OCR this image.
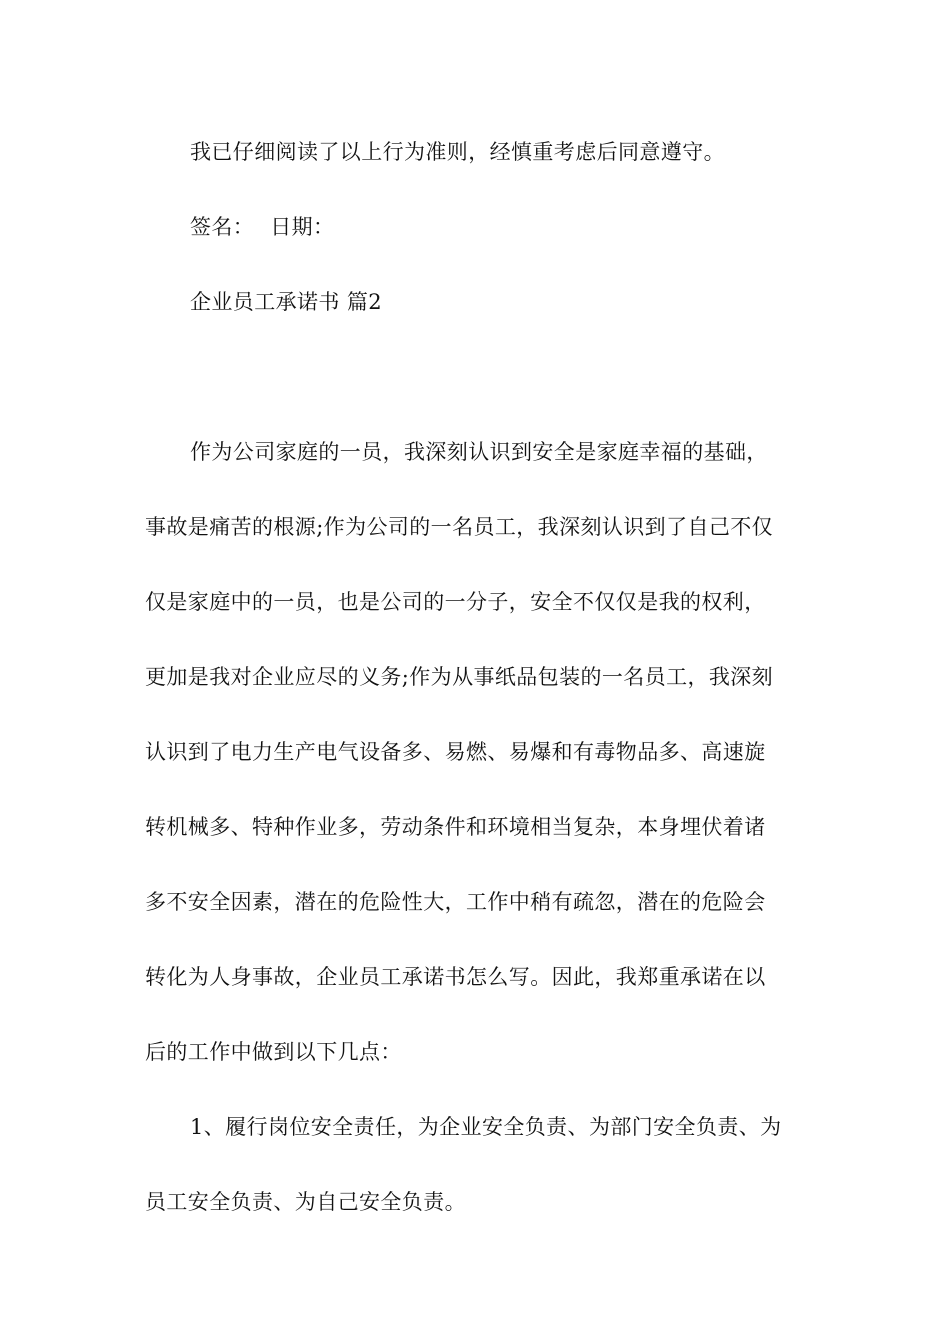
我已仔细阅读了以上行为准则，经慎重考虑后同意遵守。
签名： 日期：
企业员工承诺书 篇2
作为公司家庭的一员，我深刻认识到安全是家庭幸福的基础，
事故是痛苦的根源;作为公司的一名员工，我深刻认识到了自己不仅
仅是家庭中的一员，也是公司的一分子，安全不仅仅是我的权利，
更加是我对企业应尽的义务;作为从事纸品包装的一名员工，我深刻
认识到了电力生产电气设备多、易燃、易爆和有毒物品多、高速旋
转机械多、特种作业多，劳动条件和环境相当复杂，本身埋伏着诸
多不安全因素，潜在的危险性大，工作中稍有疏忽，潜在的危险会
转化为人身事故，企业员工承诺书怎么写。因此，我郑重承诺在以
后的工作中做到以下几点：
1、履行岗位安全责任，为企业安全负责、为部门安全负责、为
员工安全负责、为自己安全负责。
